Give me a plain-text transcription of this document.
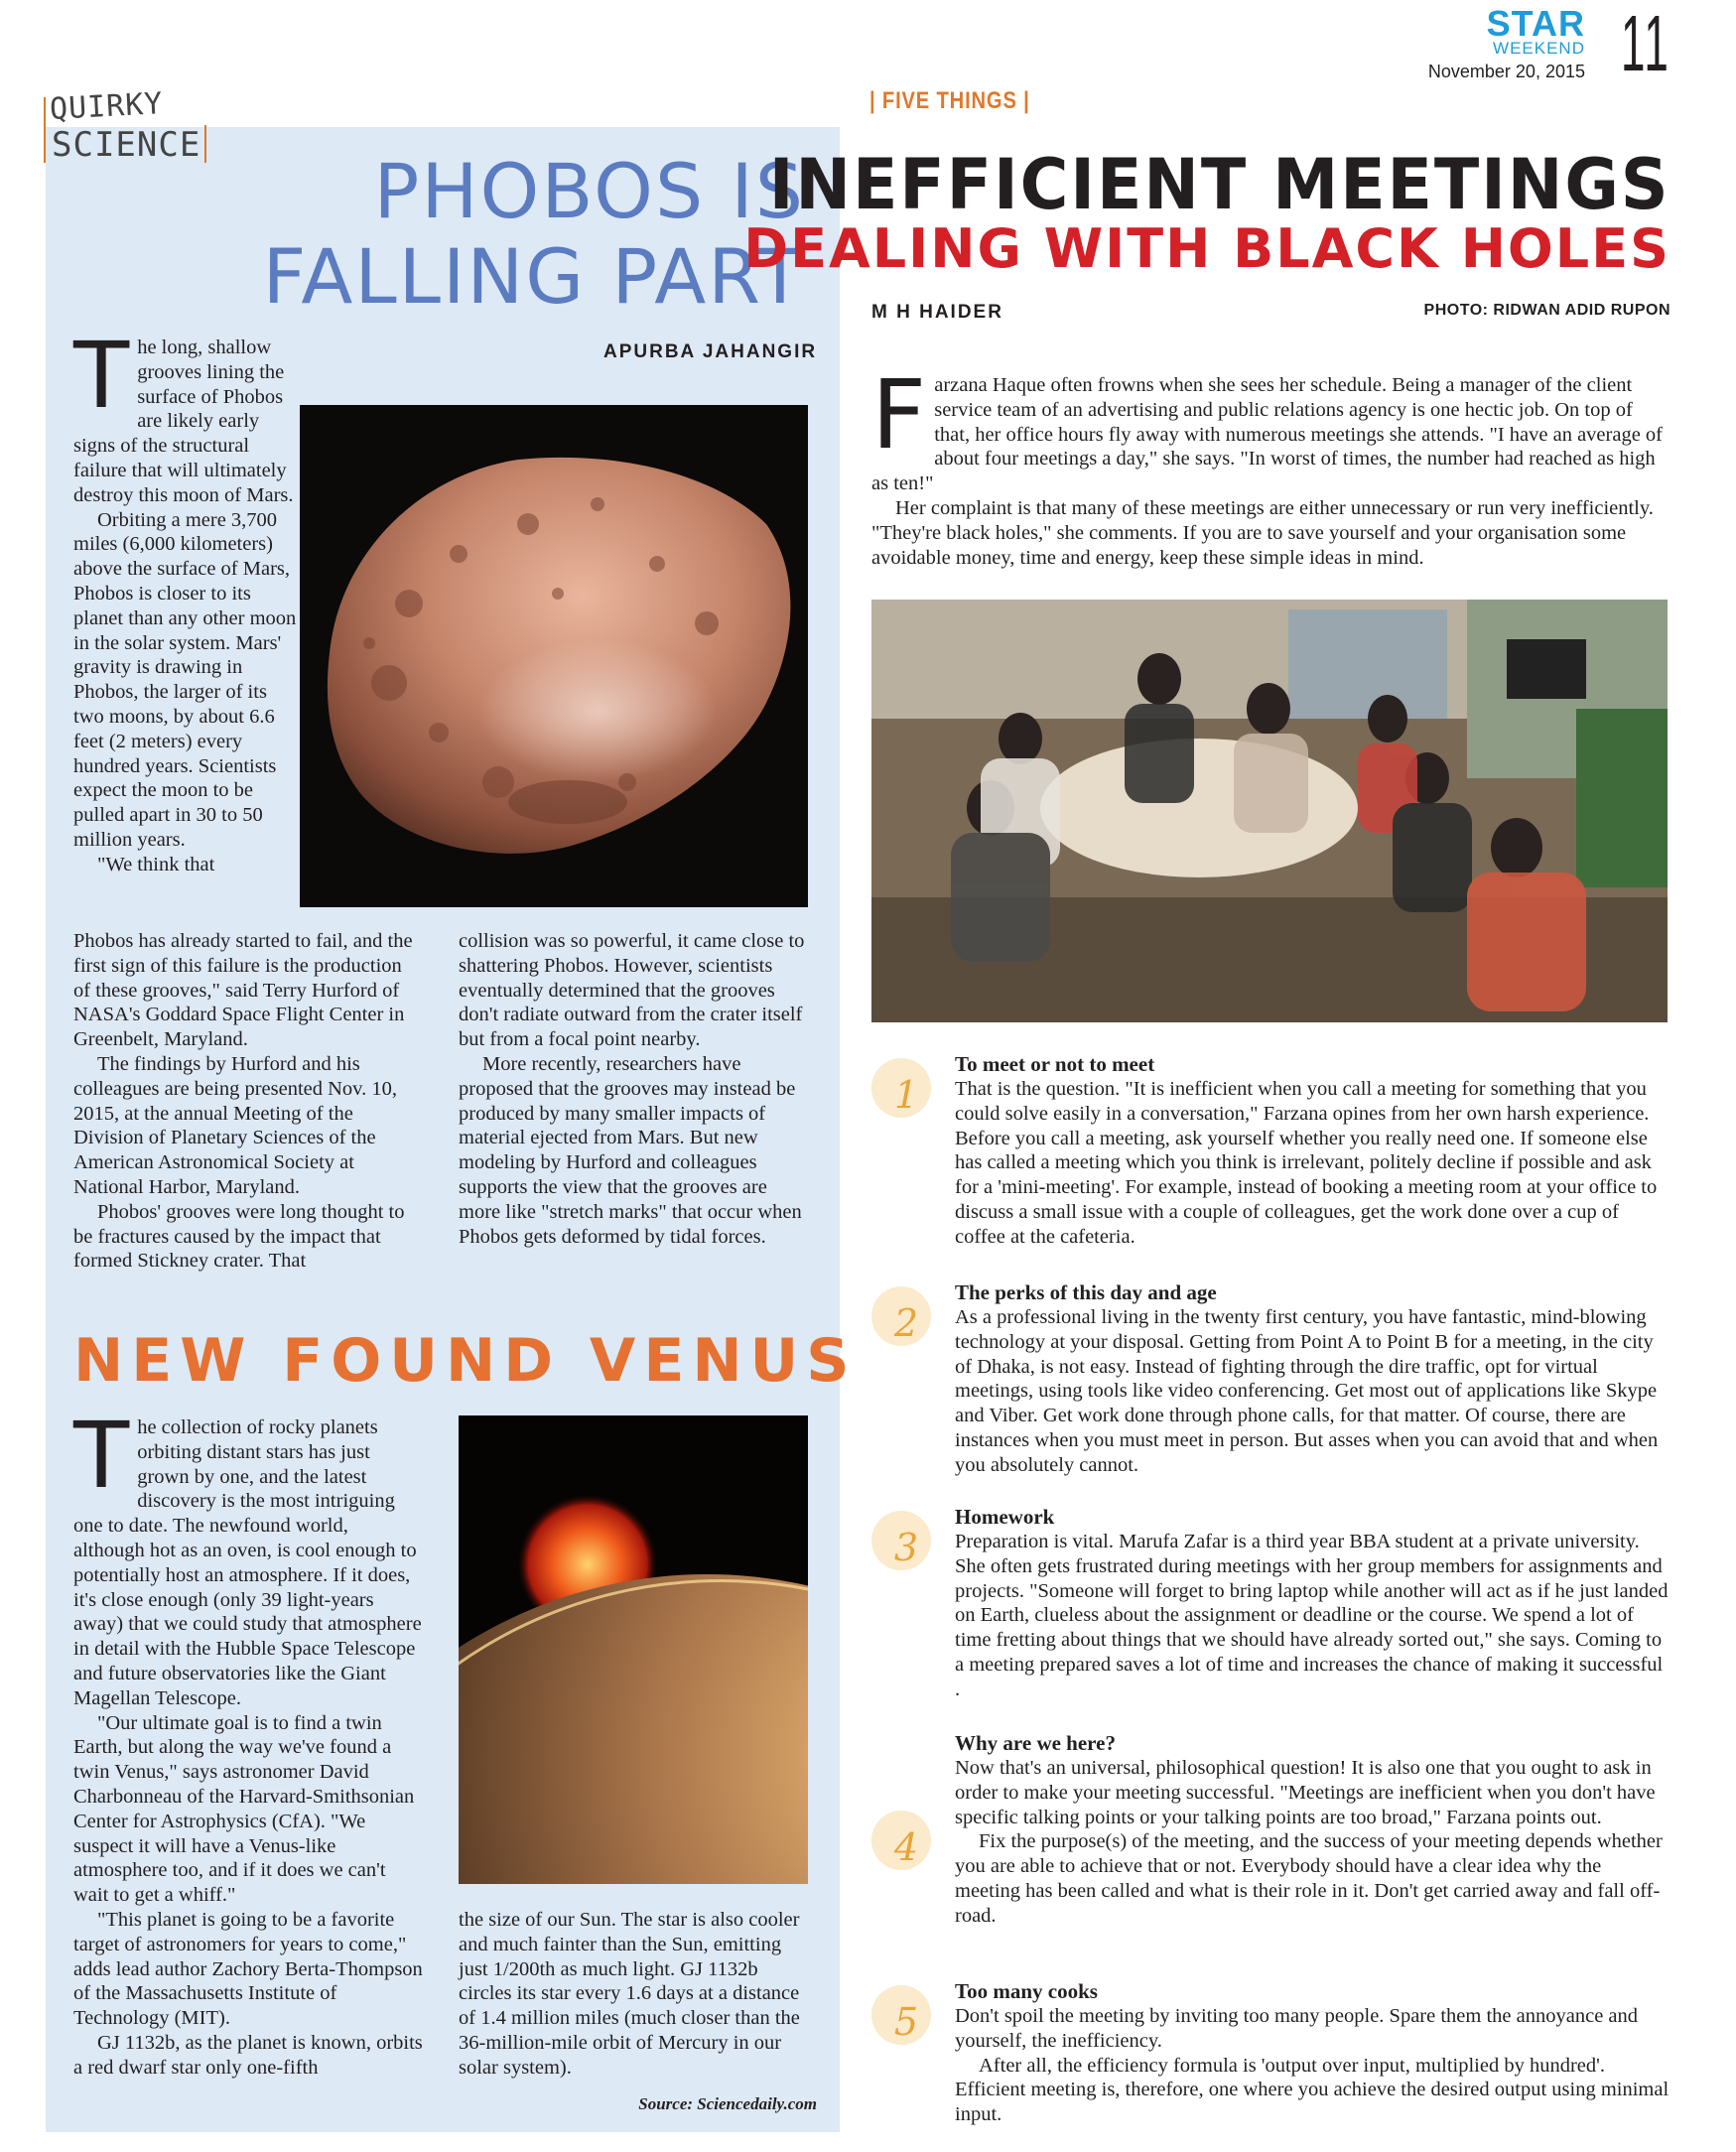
STAR
WEEKEND
November 20, 2015 11
QUIRKY
SCIENCE
PHOBOS IS
FALLING PART
APURBA JAHANGIR

The long, shallow grooves lining the surface of Phobos are likely early signs of the structural failure that will ultimately destroy this moon of Mars.

Orbiting a mere 3,700 miles (6,000 kilometers) above the surface of Mars, Phobos is closer to its planet than any other moon in the solar system. Mars' gravity is drawing in Phobos, the larger of its two moons, by about 6.6 feet (2 meters) every hundred years. Scientists expect the moon to be pulled apart in 30 to 50 million years.

"We think that

Phobos has already started to fail, and the first sign of this failure is the production of these grooves," said Terry Hurford of NASA's Goddard Space Flight Center in Greenbelt, Maryland.

The findings by Hurford and his colleagues are being presented Nov. 10, 2015, at the annual Meeting of the Division of Planetary Sciences of the American Astronomical Society at National Harbor, Maryland.

Phobos' grooves were long thought to be fractures caused by the impact that formed Stickney crater. That

collision was so powerful, it came close to shattering Phobos. However, scientists eventually determined that the grooves don't radiate outward from the crater itself but from a focal point nearby.

More recently, researchers have proposed that the grooves may instead be produced by many smaller impacts of material ejected from Mars. But new modeling by Hurford and colleagues supports the view that the grooves are more like "stretch marks" that occur when Phobos gets deformed by tidal forces.

NEW FOUND VENUS

The collection of rocky planets orbiting distant stars has just grown by one, and the latest discovery is the most intriguing one to date. The newfound world, although hot as an oven, is cool enough to potentially host an atmosphere. If it does, it's close enough (only 39 light-years away) that we could study that atmosphere in detail with the Hubble Space Telescope and future observatories like the Giant Magellan Telescope.

"Our ultimate goal is to find a twin Earth, but along the way we've found a twin Venus," says astronomer David Charbonneau of the Harvard-Smithsonian Center for Astrophysics (CfA). "We suspect it will have a Venus-like atmosphere too, and if it does we can't wait to get a whiff."

"This planet is going to be a favorite target of astronomers for years to come," adds lead author Zachory Berta-Thompson of the Massachusetts Institute of Technology (MIT).

GJ 1132b, as the planet is known, orbits a red dwarf star only one-fifth

the size of our Sun. The star is also cooler and much fainter than the Sun, emitting just 1/200th as much light. GJ 1132b circles its star every 1.6 days at a distance of 1.4 million miles (much closer than the 36-million-mile orbit of Mercury in our solar system).

Source: Sciencedaily.com
| FIVE THINGS |
INEFFICIENT MEETINGS
DEALING WITH BLACK HOLES
M H HAIDER	PHOTO: RIDWAN ADID RUPON

Farzana Haque often frowns when she sees her schedule. Being a manager of the client service team of an advertising and public relations agency is one hectic job. On top of that, her office hours fly away with numerous meetings she attends. "I have an average of about four meetings a day," she says. "In worst of times, the number had reached as high as ten!"

Her complaint is that many of these meetings are either unnecessary or run very inefficiently. "They're black holes," she comments. If you are to save yourself and your organisation some avoidable money, time and energy, keep these simple ideas in mind.

1
To meet or not to meet

That is the question. "It is inefficient when you call a meeting for something that you could solve easily in a conversation," Farzana opines from her own harsh experience. Before you call a meeting, ask yourself whether you really need one. If someone else has called a meeting which you think is irrelevant, politely decline if possible and ask for a 'mini-meeting'. For example, instead of booking a meeting room at your office to discuss a small issue with a couple of colleagues, get the work done over a cup of coffee at the cafeteria.

2
The perks of this day and age

As a professional living in the twenty first century, you have fantastic, mind-blowing technology at your disposal. Getting from Point A to Point B for a meeting, in the city of Dhaka, is not easy. Instead of fighting through the dire traffic, opt for virtual meetings, using tools like video conferencing. Get most out of applications like Skype and Viber. Get work done through phone calls, for that matter. Of course, there are instances when you must meet in person. But asses when you can avoid that and when you absolutely cannot.

3
Homework

Preparation is vital. Marufa Zafar is a third year BBA student at a private university. She often gets frustrated during meetings with her group members for assignments and projects. "Someone will forget to bring laptop while another will act as if he just landed on Earth, clueless about the assignment or deadline or the course. We spend a lot of time fretting about things that we should have already sorted out," she says. Coming to a meeting prepared saves a lot of time and increases the chance of making it successful .

4
Why are we here?

Now that's an universal, philosophical question! It is also one that you ought to ask in order to make your meeting successful. "Meetings are inefficient when you don't have specific talking points or your talking points are too broad," Farzana points out.

Fix the purpose(s) of the meeting, and the success of your meeting depends whether you are able to achieve that or not. Everybody should have a clear idea why the meeting has been called and what is their role in it. Don't get carried away and fall off-road.

5
Too many cooks

Don't spoil the meeting by inviting too many people. Spare them the annoyance and yourself, the inefficiency.

After all, the efficiency formula is 'output over input, multiplied by hundred'. Efficient meeting is, therefore, one where you achieve the desired output using minimal input.
